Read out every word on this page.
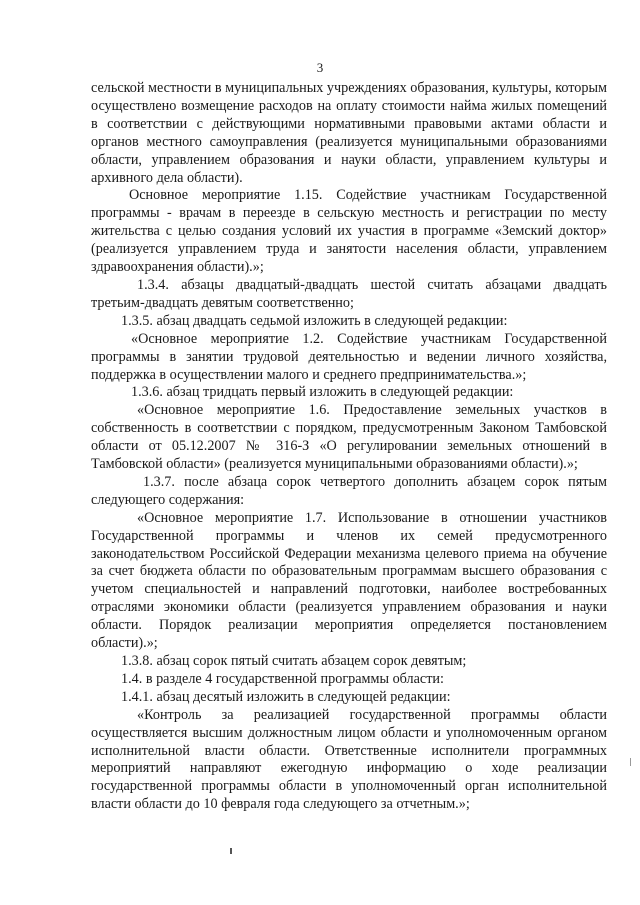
3

сельской местности в муниципальных учреждениях образования, культуры, которым осуществлено возмещение расходов на оплату стоимости найма жилых помещений в соответствии с действующими нормативными правовыми актами области и органов местного самоуправления (реализуется муниципальными образованиями области, управлением образования и науки области, управлением культуры и архивного дела области).

Основное мероприятие 1.15. Содействие участникам Государственной программы - врачам в переезде в сельскую местность и регистрации по месту жительства с целью создания условий их участия в программе «Земский доктор» (реализуется управлением труда и занятости населения области, управлением здравоохранения области).»;

1.3.4. абзацы двадцатый-двадцать шестой считать абзацами двадцать третьим-двадцать девятым соответственно;

1.3.5. абзац двадцать седьмой изложить в следующей редакции:

«Основное мероприятие 1.2. Содействие участникам Государственной программы в занятии трудовой деятельностью и ведении личного хозяйства, поддержка в осуществлении малого и среднего предпринимательства.»;

1.3.6. абзац тридцать первый изложить в следующей редакции:

«Основное мероприятие 1.6. Предоставление земельных участков в собственность в соответствии с порядком, предусмотренным Законом Тамбовской области от 05.12.2007 № 316-З «О регулировании земельных отношений в Тамбовской области» (реализуется муниципальными образованиями области).»;

1.3.7. после абзаца сорок четвертого дополнить абзацем сорок пятым следующего содержания:

«Основное мероприятие 1.7. Использование в отношении участников Государственной программы и членов их семей предусмотренного законодательством Российской Федерации механизма целевого приема на обучение за счет бюджета области по образовательным программам высшего образования с учетом специальностей и направлений подготовки, наиболее востребованных отраслями экономики области (реализуется управлением образования и науки области. Порядок реализации мероприятия определяется постановлением области).»;

1.3.8. абзац сорок пятый считать абзацем сорок девятым;

1.4. в разделе 4 государственной программы области:

1.4.1. абзац десятый изложить в следующей редакции:

«Контроль за реализацией государственной программы области осуществляется высшим должностным лицом области и уполномоченным органом исполнительной власти области. Ответственные исполнители программных мероприятий направляют ежегодную информацию о ходе реализации государственной программы области в уполномоченный орган исполнительной власти области до 10 февраля года следующего за отчетным.»;
